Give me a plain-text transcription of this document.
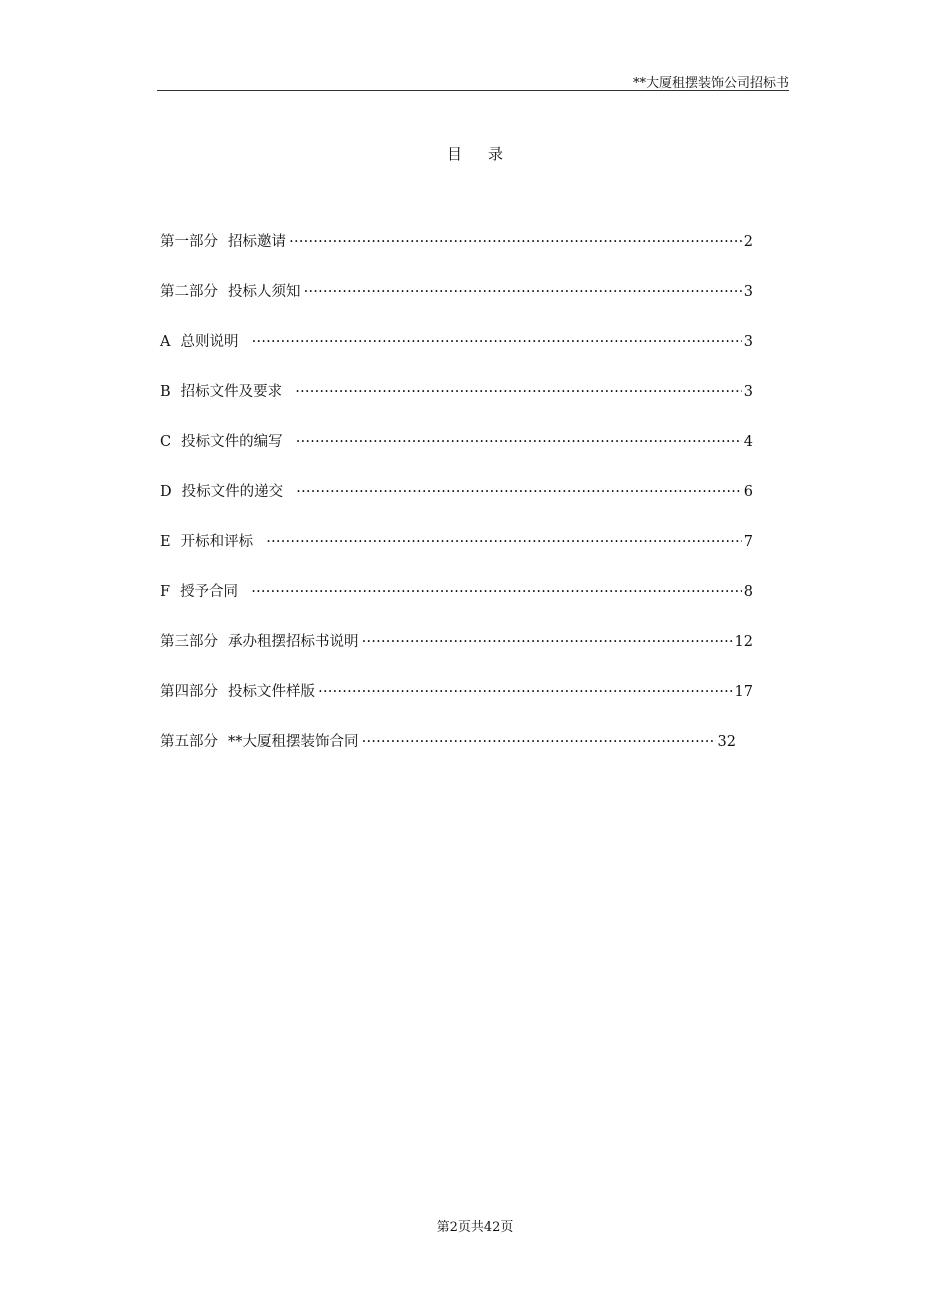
**大厦租摆装饰公司招标书
目录
第一部分 招标邀请 …………………………………………………………………………………………………………………………………………	2
第二部分 投标人须知 …………………………………………………………………………………………………………………………………………	3
A 总则说明 …………………………………………………………………………………………………………………………………………	3
B 招标文件及要求 …………………………………………………………………………………………………………………………………………	3
C 投标文件的编写 …………………………………………………………………………………………………………………………………………	4
D 投标文件的递交 …………………………………………………………………………………………………………………………………………	6
E 开标和评标 …………………………………………………………………………………………………………………………………………	7
F 授予合同 …………………………………………………………………………………………………………………………………………	8
第三部分 承办租摆招标书说明 …………………………………………………………………………………………………………………………………………	12
第四部分 投标文件样版 …………………………………………………………………………………………………………………………………………	17
第五部分 **大厦租摆装饰合同 …………………………………………………………………………………………………………………………………………	32
第2页共42页
